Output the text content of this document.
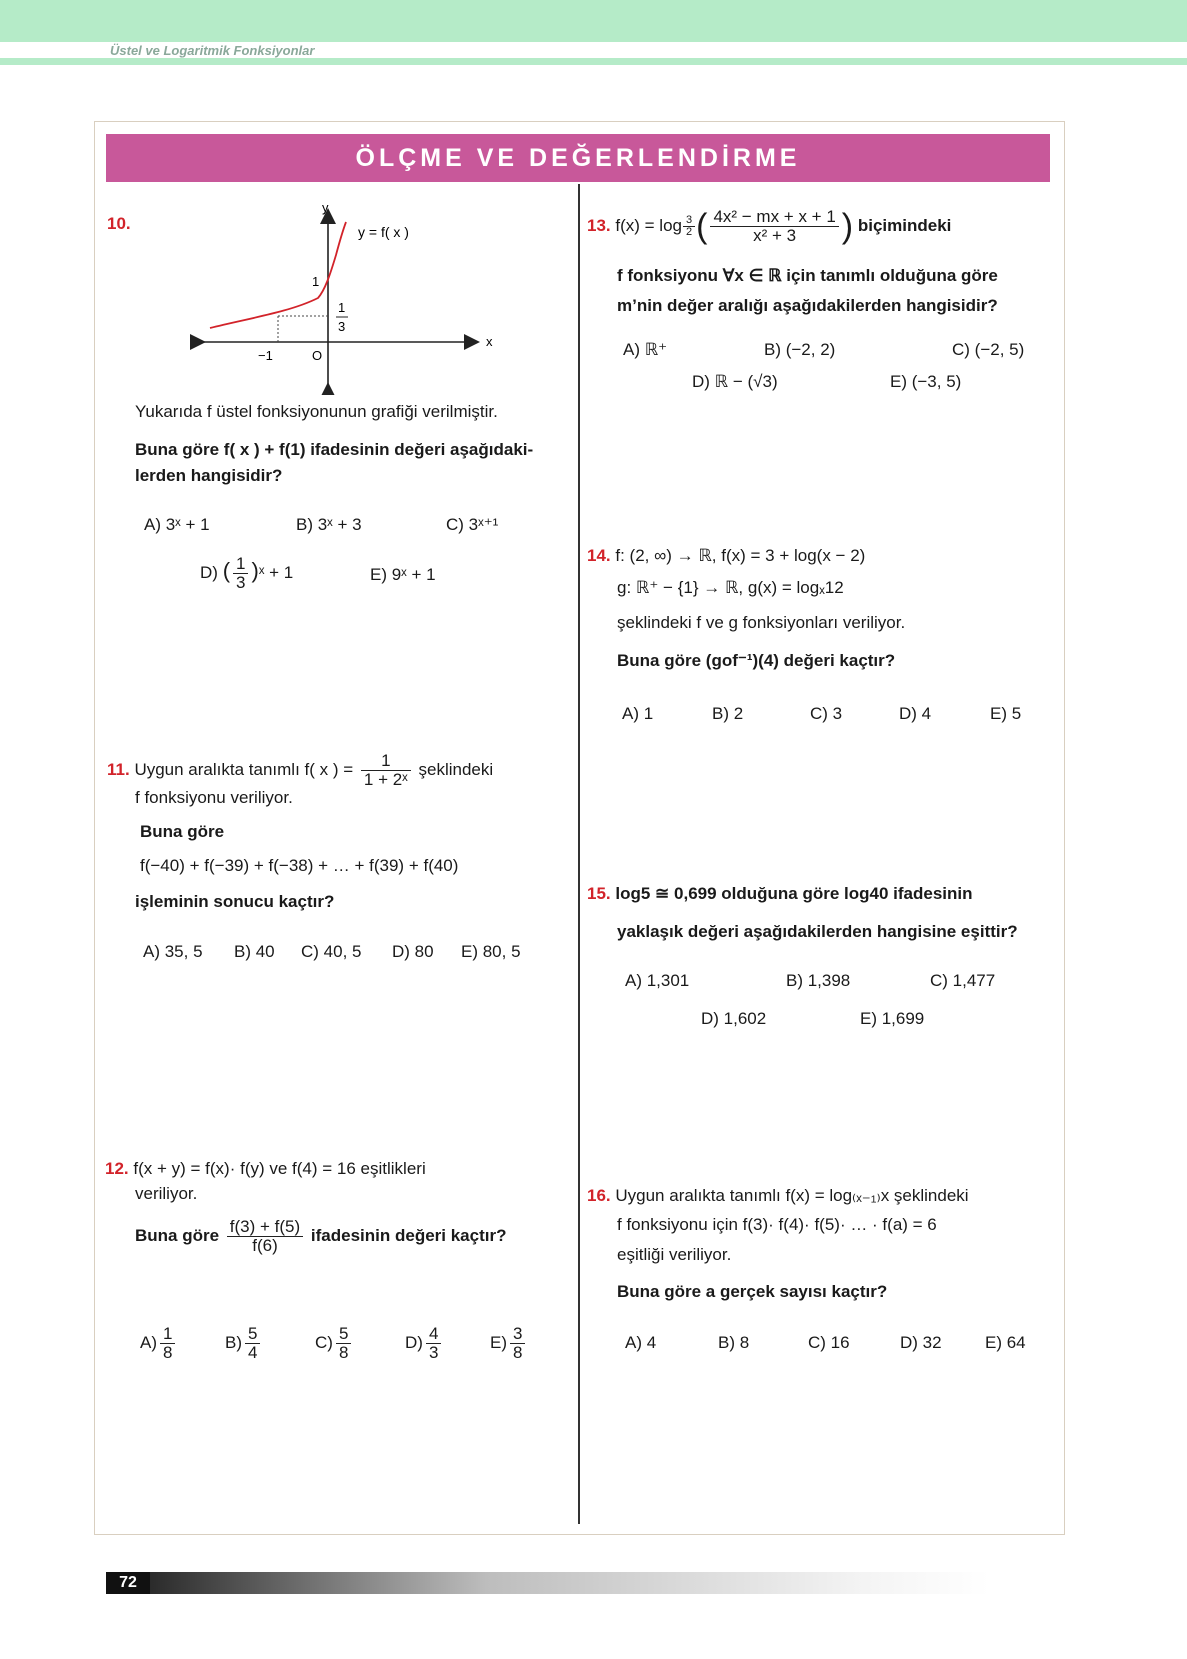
Üstel ve Logaritmik Fonksiyonlar
ÖLÇME VE DEĞERLENDİRME
10.
y
x
y = f( x )
1
1
3
−1	O
Yukarıda f üstel fonksiyonunun grafiği verilmiştir.
Buna göre f( x ) + f(1) ifadesinin değeri aşağıdaki-
lerden hangisidir?
A) 3ˣ + 1	B) 3ˣ + 3	C) 3ˣ⁺¹
D) ( $\frac{1}{3}$ )ˣ + 1	E) 9ˣ + 1
11. Uygun aralıkta tanımlı f( x ) = $\frac{1}{\text{1 + 2ˣ}}$ şeklindeki
f fonksiyonu veriliyor.
Buna göre
f(−40) + f(−39) + f(−38) + … + f(39) + f(40)
işleminin sonucu kaçtır?
A) 35, 5 B) 40 C) 40, 5 D) 80 E) 80, 5
12. f(x + y) = f(x)· f(y) ve f(4) = 16 eşitlikleri
veriliyor.
Buna göre $\frac{f(3) + f(5)}{f(6)}$ ifadesinin değeri kaçtır?
$A) \frac{1}{8}$	$B) \frac{5}{4}$	$C) \frac{5}{8}$	$D) \frac{4}{3}$	$E) \frac{3}{8}$
13. $f(x) = \log \frac{3}{2}$ ( $\frac{\text{4x² − mx + x + 1}}{\text{x² + 3}}$ ) biçimindeki
f fonksiyonu ∀x ∈ ℝ için tanımlı olduğuna göre
m’nin değer aralığı aşağıdakilerden hangisidir?
A) ℝ⁺	B) (−2, 2)	C) (−2, 5)
D) ℝ − (√3)	E) (−3, 5)
14. f: (2, ∞) → ℝ, f(x) = 3 + log(x − 2)
g: ℝ⁺ − {1} → ℝ, g(x) = logₓ12
şeklindeki f ve g fonksiyonları veriliyor.
Buna göre (gof⁻¹)(4) değeri kaçtır?
A) 1	B) 2	C) 3	D) 4	E) 5
15. log5 ≅ 0,699 olduğuna göre log40 ifadesinin
yaklaşık değeri aşağıdakilerden hangisine eşittir?
A) 1,301	B) 1,398	C) 1,477
D) 1,602	E) 1,699
16. Uygun aralıkta tanımlı f(x) = log₍ₓ₋₁₎x şeklindeki
f fonksiyonu için f(3)· f(4)· f(5)· … · f(a) = 6
eşitliği veriliyor.
Buna göre a gerçek sayısı kaçtır?
A) 4	B) 8	C) 16	D) 32	E) 64
72
